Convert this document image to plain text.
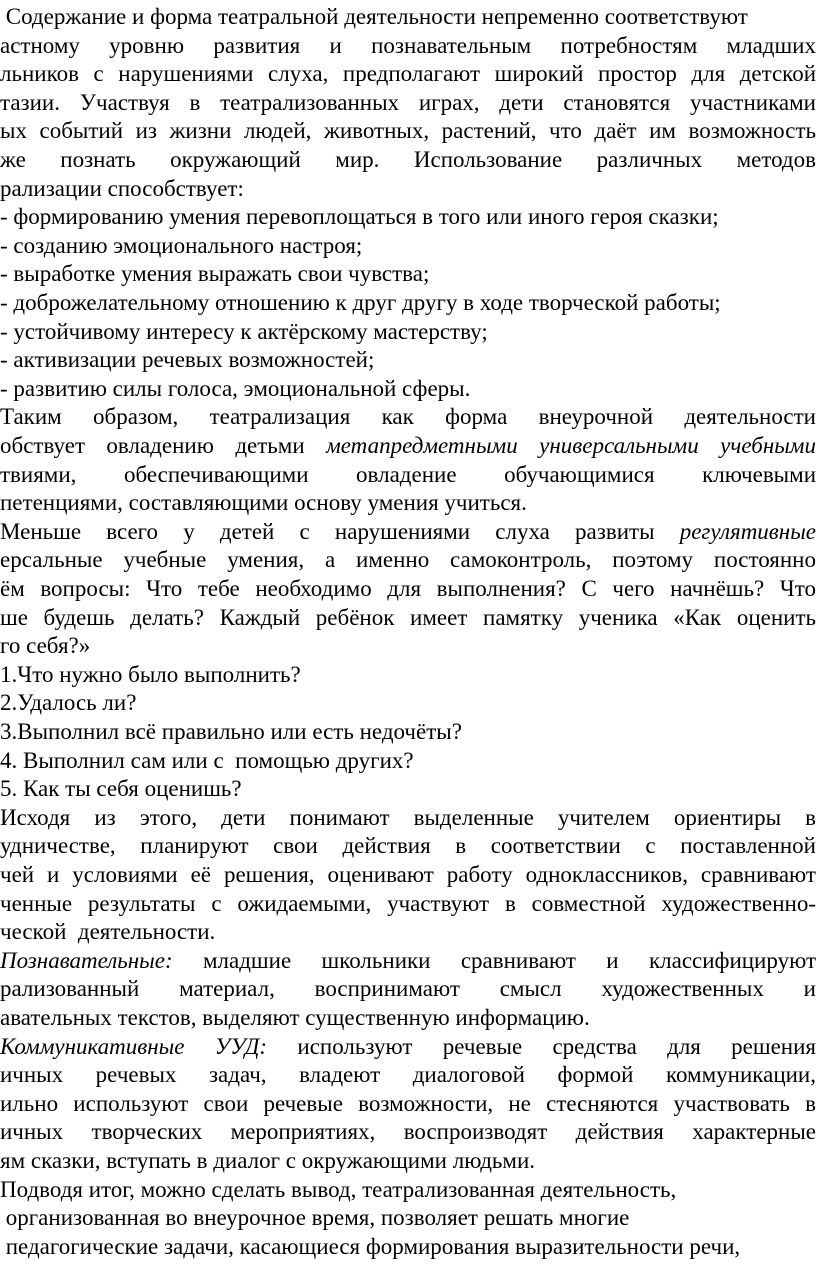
Содержание и форма театральной деятельности непременно соответствуют
астному уровню развития и познавательным потребностям младших
льников с нарушениями слуха, предполагают широкий простор для детской
тазии. Участвуя в театрализованных играх, дети становятся участниками
ых событий из жизни людей, животных, растений, что даёт им возможность
же познать окружающий мир. Использование различных методов
рализации способствует:
- формированию умения перевоплощаться в того или иного героя сказки;
- созданию эмоционального настроя;
- выработке умения выражать свои чувства;
- доброжелательному отношению к друг другу в ходе творческой работы;
- устойчивому интересу к актёрскому мастерству;
- активизации речевых возможностей;
- развитию силы голоса, эмоциональной сферы.
Таким образом, театрализация как форма внеурочной деятельности
обствует овладению детьми метапредметными универсальными учебными
твиями, обеспечивающими овладение обучающимися ключевыми
петенциями, составляющими основу умения учиться.
Меньше всего у детей с нарушениями слуха развиты регулятивные
ерсальные учебные умения, а именно самоконтроль, поэтому постоянно
ём вопросы: Что тебе необходимо для выполнения? С чего начнёшь? Что
ше будешь делать? Каждый ребёнок имеет памятку ученика «Как оценить
го себя?»
1.Что нужно было выполнить?
2.Удалось ли?
3.Выполнил всё правильно или есть недочёты?
4. Выполнил сам или с  помощью других?
5. Как ты себя оценишь?
Исходя из этого, дети понимают выделенные учителем ориентиры в
удничестве, планируют свои действия в соответствии с поставленной
чей и условиями её решения, оценивают работу одноклассников, сравнивают
ченные результаты с ожидаемыми, участвуют в совместной художественно-
ческой  деятельности.
Познавательные: младшие школьники сравнивают и классифицируют
рализованный материал, воспринимают смысл художественных и
авательных текстов, выделяют существенную информацию.
Коммуникативные УУД: используют речевые средства для решения
ичных речевых задач, владеют диалоговой формой коммуникации,
ильно используют свои речевые возможности, не стесняются участвовать в
ичных творческих мероприятиях, воспроизводят действия характерные
ям сказки, вступать в диалог с окружающими людьми.
Подводя итог, можно сделать вывод, театрализованная деятельность,
организованная во внеурочное время, позволяет решать многие
педагогические задачи, касающиеся формирования выразительности речи,
